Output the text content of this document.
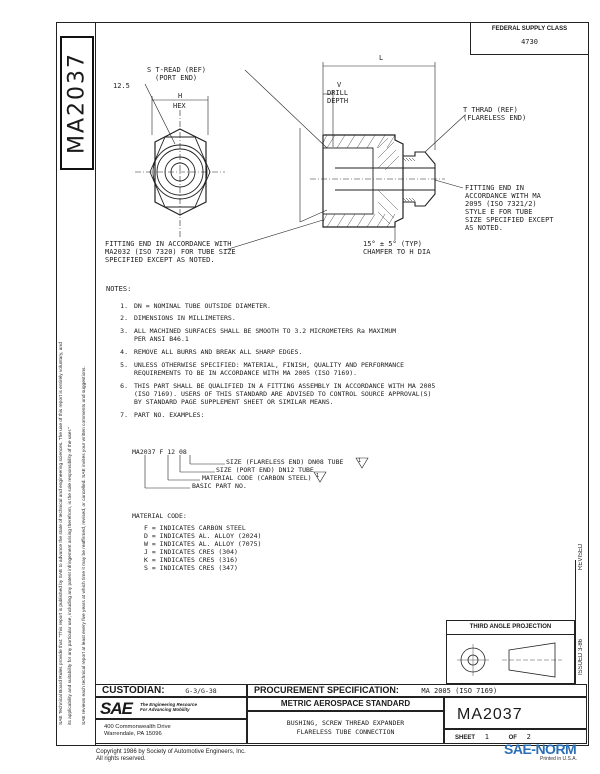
MA2037
SAE Technical Board Rules provide that: "This report is published by SAE to advance the state of technical and engineering sciences. The use of this report is entirely voluntary, and its applicability and suitability for any particular use, including any patent infringement arising therefrom, is the sole responsibility of the user."	SAE reviews each technical report at least every five years at which time it may be reaffirmed, revised, or cancelled. SAE invites your written comments and suggestions.
FEDERAL SUPPLY CLASS
4730
S T-READ (REF)
(PORT END)
12.5
H
HEX
L
V
DRILL
DEPTH
T THRAD (REF)
(FLARELESS END)
FITTING END IN ACCORDANCE WITH
MA2032 (ISO 7320) FOR TUBE SIZE
SPECIFIED EXCEPT AS NOTED.
15° ± 5° (TYP)
CHAMFER TO H DIA
FITTING END IN
ACCORDANCE WITH MA
2095 (ISO 7321/2)
STYLE E FOR TUBE
SIZE SPECIFIED EXCEPT
AS NOTED.
NOTES:
1. DN = NOMINAL TUBE OUTSIDE DIAMETER.
2. DIMENSIONS IN MILLIMETERS.
3. ALL MACHINED SURFACES SHALL BE SMOOTH TO 3.2 MICROMETERS Ra MAXIMUM
PER ANSI B46.1
4. REMOVE ALL BURRS AND BREAK ALL SHARP EDGES.
5. UNLESS OTHERWISE SPECIFIED: MATERIAL, FINISH, QUALITY AND PERFORMANCE
REQUIREMENTS TO BE IN ACCORDANCE WITH MA 2005 (ISO 7169).
6. THIS PART SHALL BE QUALIFIED IN A FITTING ASSEMBLY IN ACCORDANCE WITH MA 2005
(ISO 7169). USERS OF THIS STANDARD ARE ADVISED TO CONTROL SOURCE APPROVAL(S)
BY STANDARD PAGE SUPPLEMENT SHEET OR SIMILAR MEANS.
7. PART NO. EXAMPLES:
MA2037 F 12 08
SIZE (FLARELESS END) DN08 TUBE	1
SIZE (PORT END) DN12 TUBE
1
MATERIAL CODE (CARBON STEEL)
BASIC PART NO.
MATERIAL CODE:
F = INDICATES CARBON STEEL
D = INDICATES AL. ALLOY (2024)
W = INDICATES AL. ALLOY (7075)
J = INDICATES CRES (304)
K = INDICATES CRES (316)
S = INDICATES CRES (347)	REVISED
ISSUED 3-86
THIRD ANGLE PROJECTION
CUSTODIAN:	G-3/G-38	PROCUREMENT SPECIFICATION:	MA 2005 (ISO 7169)
SAE The Engineering Resource For Advancing Mobility
400 Commonwealth Drive
Warrendale, PA 15096
METRIC AEROSPACE STANDARD
BUSHING, SCREW THREAD EXPANDER
FLARELESS TUBE CONNECTION
MA2037
SHEET 1	OF 2
Copyright 1986 by Society of Automotive Engineers, Inc.
All rights reserved.
SAE-NORM
Printed in U.S.A.
